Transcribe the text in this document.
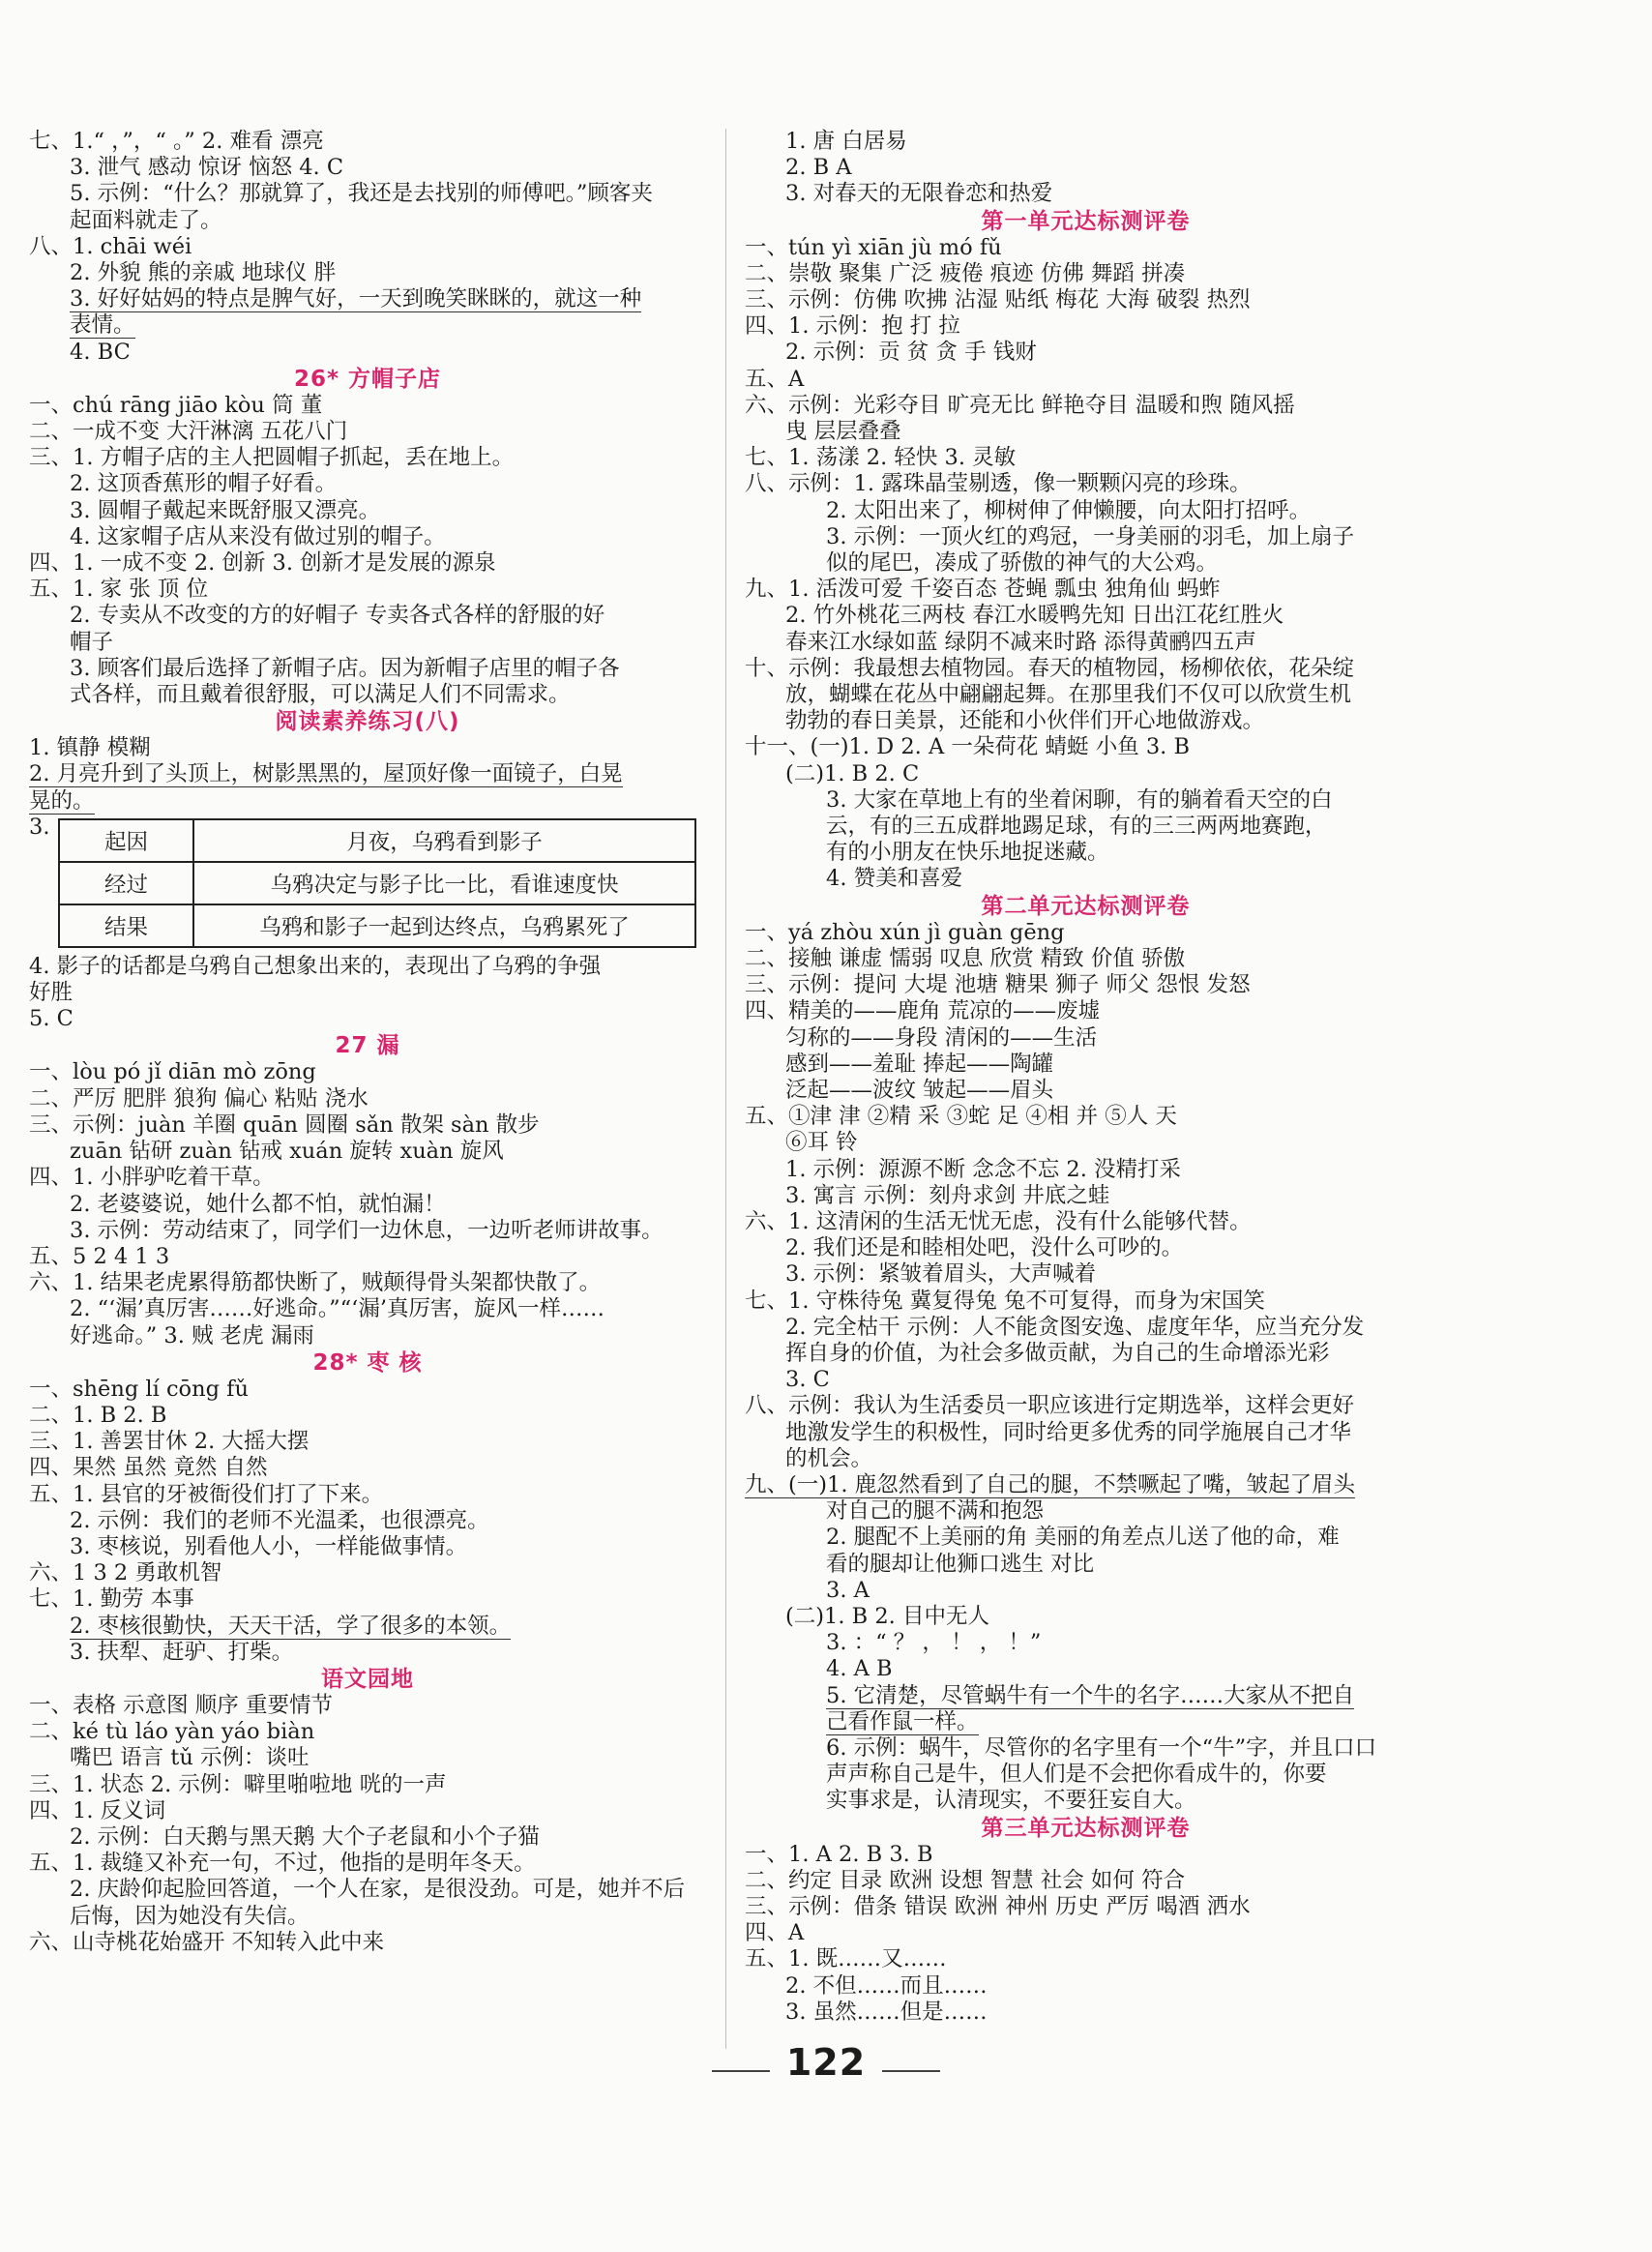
七、1.“ ，”，“ 。” 2. 难看 漂亮
3. 泄气 感动 惊讶 恼怒 4. C
5. 示例：“什么？那就算了，我还是去找别的师傅吧。”顾客夹
起面料就走了。
八、1. chāi wéi
2. 外貌 熊的亲戚 地球仪 胖
3. 好好姑妈的特点是脾气好，一天到晚笑眯眯的，就这一种
表情。
4. BC
26* 方帽子店
一、chú rāng jiāo kòu 筒 董
二、一成不变 大汗淋漓 五花八门
三、1. 方帽子店的主人把圆帽子抓起，丢在地上。
2. 这顶香蕉形的帽子好看。
3. 圆帽子戴起来既舒服又漂亮。
4. 这家帽子店从来没有做过别的帽子。
四、1. 一成不变 2. 创新 3. 创新才是发展的源泉
五、1. 家 张 顶 位
2. 专卖从不改变的方的好帽子 专卖各式各样的舒服的好
帽子
3. 顾客们最后选择了新帽子店。因为新帽子店里的帽子各
式各样，而且戴着很舒服，可以满足人们不同需求。
阅读素养练习(八)
1. 镇静 模糊
2. 月亮升到了头顶上，树影黑黑的，屋顶好像一面镜子，白晃
晃的。
3.
起因	月夜，乌鸦看到影子
经过	乌鸦决定与影子比一比，看谁速度快
结果	乌鸦和影子一起到达终点，乌鸦累死了
4. 影子的话都是乌鸦自己想象出来的，表现出了乌鸦的争强
好胜
5. C
27 漏
一、lòu pó jǐ diān mò zōng
二、严厉 肥胖 狼狗 偏心 粘贴 浇水
三、示例：juàn 羊圈 quān 圆圈 sǎn 散架 sàn 散步
zuān 钻研 zuàn 钻戒 xuán 旋转 xuàn 旋风
四、1. 小胖驴吃着干草。
2. 老婆婆说，她什么都不怕，就怕漏！
3. 示例：劳动结束了，同学们一边休息，一边听老师讲故事。
五、5 2 4 1 3
六、1. 结果老虎累得筋都快断了，贼颠得骨头架都快散了。
2. “‘漏’真厉害……好逃命。”“‘漏’真厉害，旋风一样……
好逃命。” 3. 贼 老虎 漏雨
28* 枣 核
一、shēng lí cōng fǔ
二、1. B 2. B
三、1. 善罢甘休 2. 大摇大摆
四、果然 虽然 竟然 自然
五、1. 县官的牙被衙役们打了下来。
2. 示例：我们的老师不光温柔，也很漂亮。
3. 枣核说，别看他人小，一样能做事情。
六、1 3 2 勇敢机智
七、1. 勤劳 本事
2. 枣核很勤快，天天干活，学了很多的本领。
3. 扶犁、赶驴、打柴。
语文园地
一、表格 示意图 顺序 重要情节
二、ké tù láo yàn yáo biàn
嘴巴 语言 tǔ 示例：谈吐
三、1. 状态 2. 示例：噼里啪啦地 咣的一声
四、1. 反义词
2. 示例：白天鹅与黑天鹅 大个子老鼠和小个子猫
五、1. 裁缝又补充一句，不过，他指的是明年冬天。
2. 庆龄仰起脸回答道，一个人在家，是很没劲。可是，她并不后
后悔，因为她没有失信。
六、山寺桃花始盛开 不知转入此中来
1. 唐 白居易
2. B A
3. 对春天的无限眷恋和热爱
第一单元达标测评卷
一、tún yì xiān jù mó fǔ
二、崇敬 聚集 广泛 疲倦 痕迹 仿佛 舞蹈 拼凑
三、示例：仿佛 吹拂 沾湿 贴纸 梅花 大海 破裂 热烈
四、1. 示例：抱 打 拉
2. 示例：贡 贫 贪 手 钱财
五、A
六、示例：光彩夺目 旷亮无比 鲜艳夺目 温暖和煦 随风摇
曳 层层叠叠
七、1. 荡漾 2. 轻快 3. 灵敏
八、示例：1. 露珠晶莹剔透，像一颗颗闪亮的珍珠。
2. 太阳出来了，柳树伸了伸懒腰，向太阳打招呼。
3. 示例：一顶火红的鸡冠，一身美丽的羽毛，加上扇子
似的尾巴，凑成了骄傲的神气的大公鸡。
九、1. 活泼可爱 千姿百态 苍蝇 瓢虫 独角仙 蚂蚱
2. 竹外桃花三两枝 春江水暖鸭先知 日出江花红胜火
春来江水绿如蓝 绿阴不减来时路 添得黄鹂四五声
十、示例：我最想去植物园。春天的植物园，杨柳依依，花朵绽
放，蝴蝶在花丛中翩翩起舞。在那里我们不仅可以欣赏生机
勃勃的春日美景，还能和小伙伴们开心地做游戏。
十一、(一)1. D 2. A 一朵荷花 蜻蜓 小鱼 3. B
(二)1. B 2. C
3. 大家在草地上有的坐着闲聊，有的躺着看天空的白
云，有的三五成群地踢足球，有的三三两两地赛跑，
有的小朋友在快乐地捉迷藏。
4. 赞美和喜爱
第二单元达标测评卷
一、yá zhòu xún jì guàn gēng
二、接触 谦虚 懦弱 叹息 欣赏 精致 价值 骄傲
三、示例：提问 大堤 池塘 糖果 狮子 师父 怨恨 发怒
四、精美的——鹿角 荒凉的——废墟
匀称的——身段 清闲的——生活
感到——羞耻 捧起——陶罐
泛起——波纹 皱起——眉头
五、①津 津 ②精 采 ③蛇 足 ④相 并 ⑤人 天
⑥耳 铃
1. 示例：源源不断 念念不忘 2. 没精打采
3. 寓言 示例：刻舟求剑 井底之蛙
六、1. 这清闲的生活无忧无虑，没有什么能够代替。
2. 我们还是和睦相处吧，没什么可吵的。
3. 示例：紧皱着眉头，大声喊着
七、1. 守株待兔 冀复得兔 兔不可复得，而身为宋国笑
2. 完全枯干 示例：人不能贪图安逸、虚度年华，应当充分发
挥自身的价值，为社会多做贡献，为自己的生命增添光彩
3. C
八、示例：我认为生活委员一职应该进行定期选举，这样会更好
地激发学生的积极性，同时给更多优秀的同学施展自己才华
的机会。
九、(一)1. 鹿忽然看到了自己的腿，不禁噘起了嘴，皱起了眉头
对自己的腿不满和抱怨
2. 腿配不上美丽的角 美丽的角差点儿送了他的命，难
看的腿却让他狮口逃生 对比
3. A
(二)1. B 2. 目中无人
3. ：“ ？ ， ！ ， ！”
4. A B
5. 它清楚，尽管蜗牛有一个牛的名字……大家从不把自
己看作鼠一样。
6. 示例：蜗牛，尽管你的名字里有一个“牛”字，并且口口
声声称自己是牛，但人们是不会把你看成牛的，你要
实事求是，认清现实，不要狂妄自大。
第三单元达标测评卷
一、1. A 2. B 3. B
二、约定 目录 欧洲 设想 智慧 社会 如何 符合
三、示例：借条 错误 欧洲 神州 历史 严厉 喝酒 洒水
四、A
五、1. 既……又……
2. 不但……而且……
3. 虽然……但是……
122
